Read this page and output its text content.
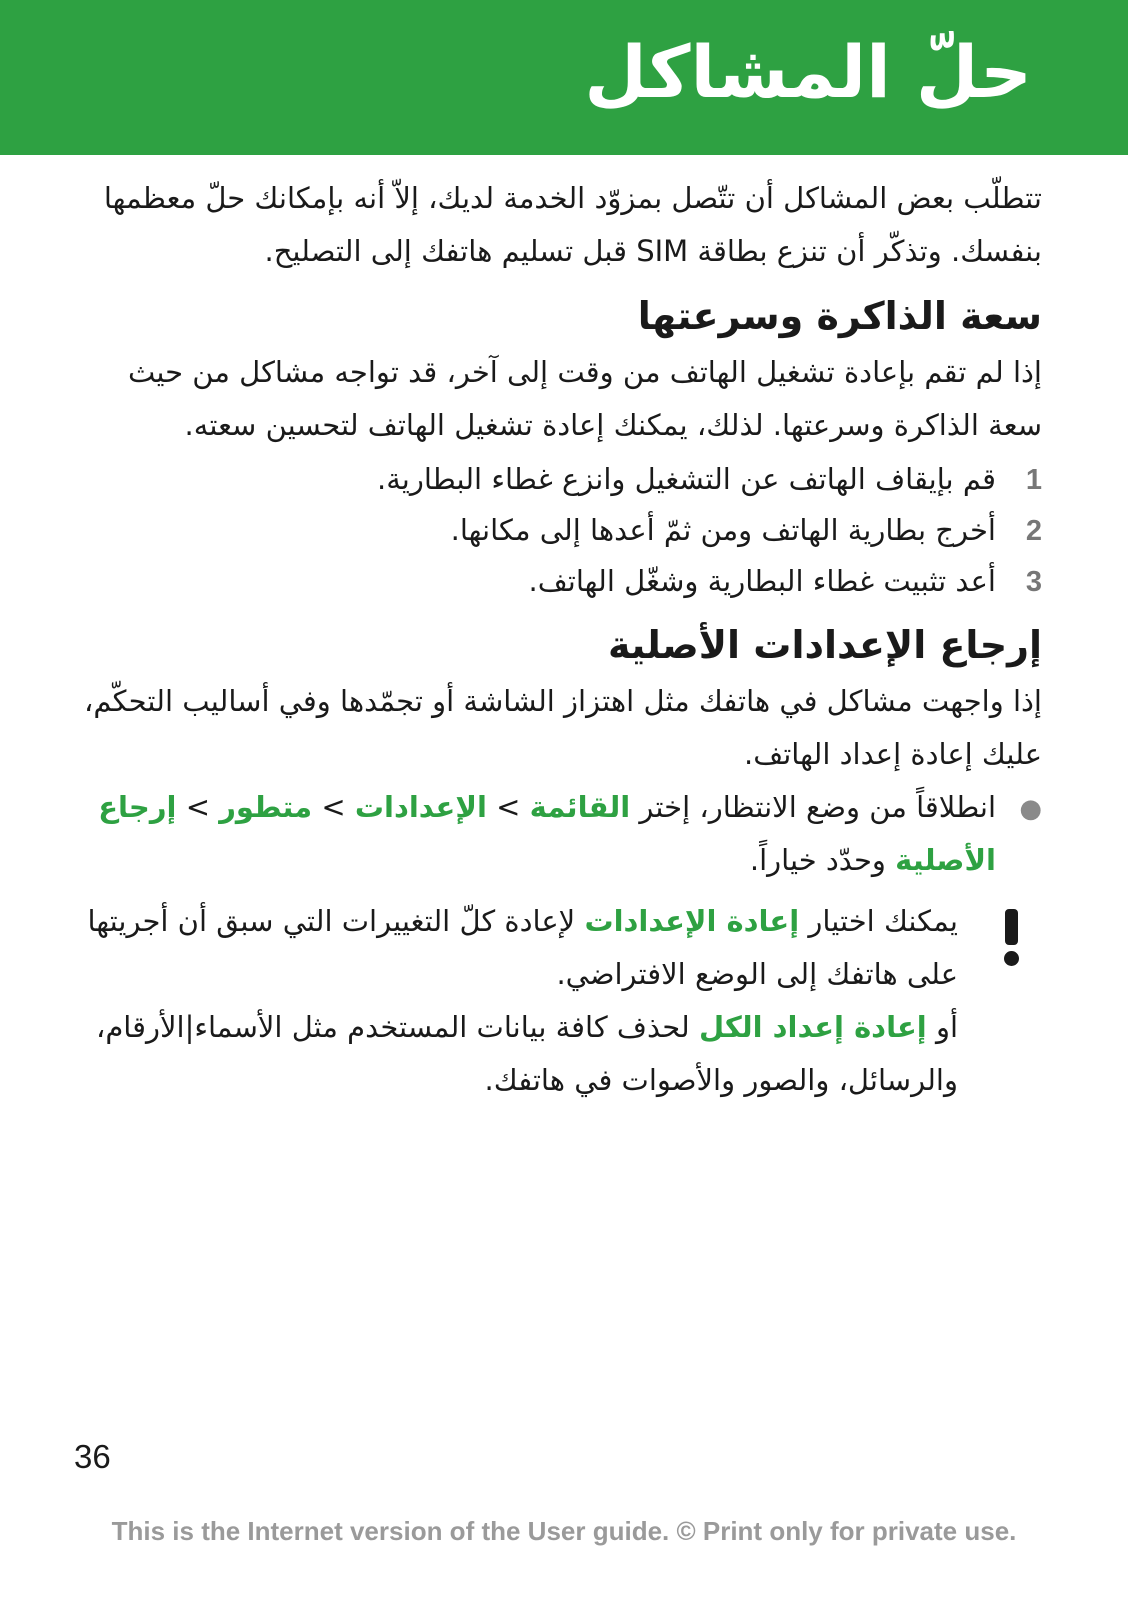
حلّ المشاكل

تتطلّب بعض المشاكل أن تتّصل بمزوّد الخدمة لديك، إلاّ أنه بإمكانك حلّ معظمها بنفسك. وتذكّر أن تنزع بطاقة SIM قبل تسليم هاتفك إلى التصليح.

سعة الذاكرة وسرعتها

إذا لم تقم بإعادة تشغيل الهاتف من وقت إلى آخر، قد تواجه مشاكل من حيث سعة الذاكرة وسرعتها. لذلك، يمكنك إعادة تشغيل الهاتف لتحسين سعته.

1
قم بإيقاف الهاتف عن التشغيل وانزع غطاء البطارية.
2
أخرج بطارية الهاتف ومن ثمّ أعدها إلى مكانها.
3
أعد تثبيت غطاء البطارية وشغّل الهاتف.
إرجاع الإعدادات الأصلية

إذا واجهت مشاكل في هاتفك مثل اهتزاز الشاشة أو تجمّدها وفي أساليب التحكّم، عليك إعادة إعداد الهاتف.

●

انطلاقاً من وضع الانتظار، إختر القائمة > الإعدادات > متطور > إرجاع الأصلية وحدّد خياراً.

يمكنك اختيار إعادة الإعدادات لإعادة كلّ التغييرات التي سبق أن أجريتها على هاتفك إلى الوضع الافتراضي.

أو إعادة إعداد الكل لحذف كافة بيانات المستخدم مثل الأسماء|الأرقام، والرسائل، والصور والأصوات في هاتفك.

36
This is the Internet version of the User guide. © Print only for private use.
